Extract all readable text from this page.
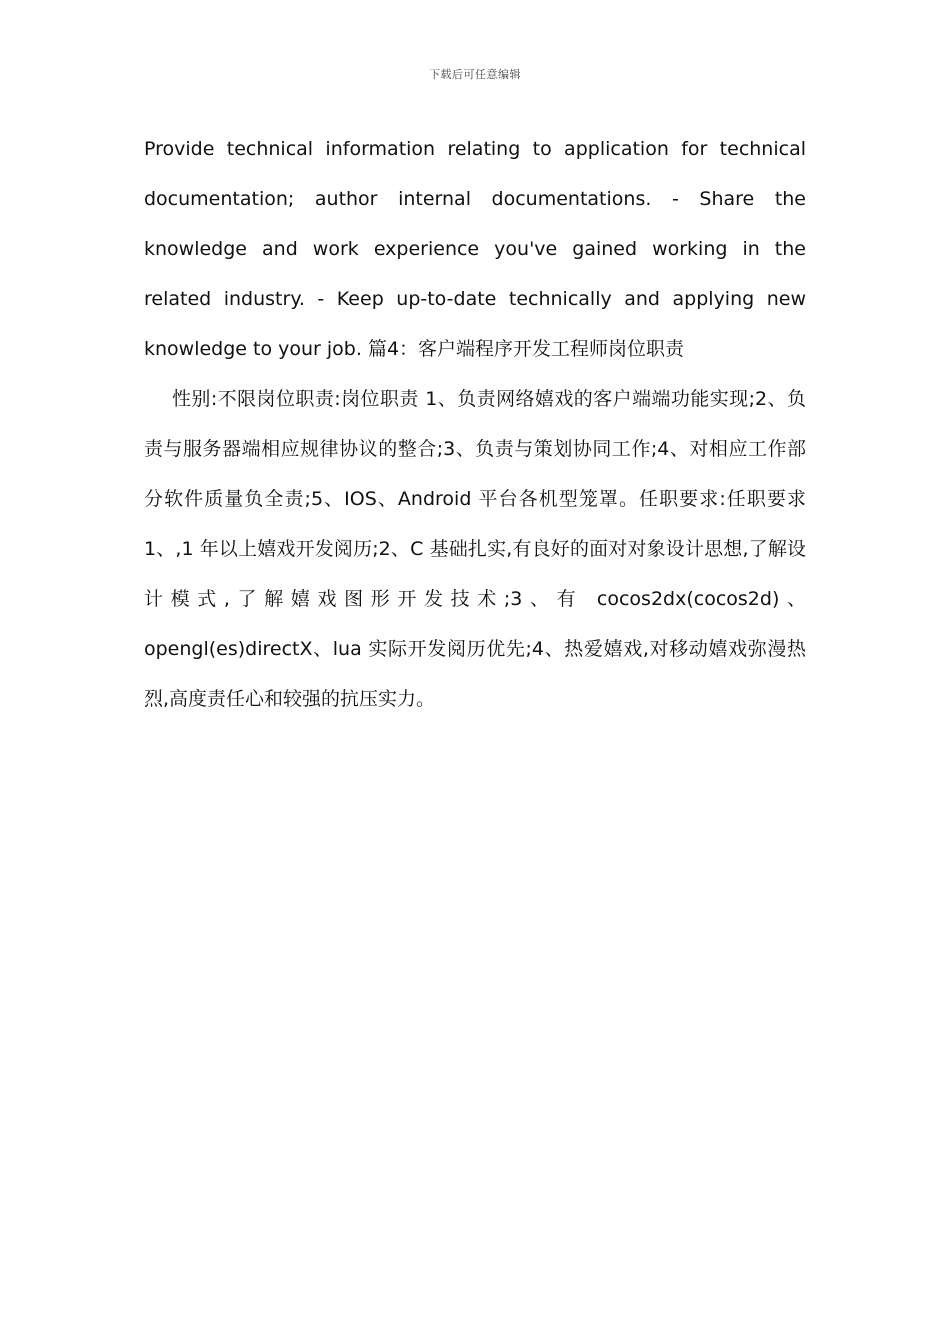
下载后可任意编辑

Provide technical information relating to application for technical documentation; author internal documentations. - Share the knowledge and work experience you've gained working in the related industry. - Keep up-to-date technically and applying new knowledge to your job. 篇4：客户端程序开发工程师岗位职责

性别:不限岗位职责:岗位职责 1、负责网络嬉戏的客户端端功能实现;2、负责与服务器端相应规律协议的整合;3、负责与策划协同工作;4、对相应工作部分软件质量负全责;5、IOS、Android 平台各机型笼罩。任职要求:任职要求 1、,1 年以上嬉戏开发阅历;2、C 基础扎实,有良好的面对对象设计思想,了解设计模式,了解嬉戏图形开发技术;3、有 cocos2dx(cocos2d)、opengl(es)directX、lua 实际开发阅历优先;4、热爱嬉戏,对移动嬉戏弥漫热烈,高度责任心和较强的抗压实力。
